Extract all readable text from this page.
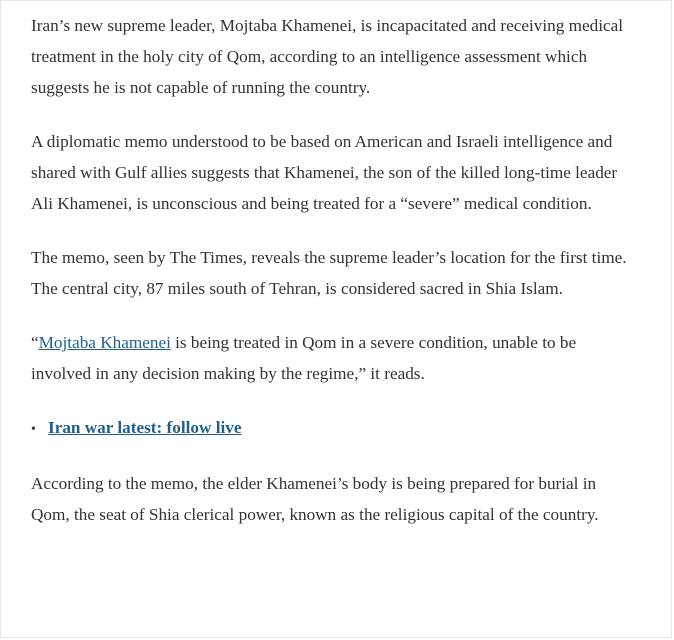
Iran’s new supreme leader, Mojtaba Khamenei, is incapacitated and receiving medical treatment in the holy city of Qom, according to an intelligence assessment which suggests he is not capable of running the country.

A diplomatic memo understood to be based on American and Israeli intelligence and shared with Gulf allies suggests that Khamenei, the son of the killed long-time leader Ali Khamenei, is unconscious and being treated for a “severe” medical condition.

The memo, seen by The Times, reveals the supreme leader’s location for the first time. The central city, 87 miles south of Tehran, is considered sacred in Shia Islam.

“Mojtaba Khamenei is being treated in Qom in a severe condition, unable to be involved in any decision making by the regime,” it reads.

• Iran war latest: follow live

According to the memo, the elder Khamenei’s body is being prepared for burial in Qom, the seat of Shia clerical power, known as the religious capital of the country.
